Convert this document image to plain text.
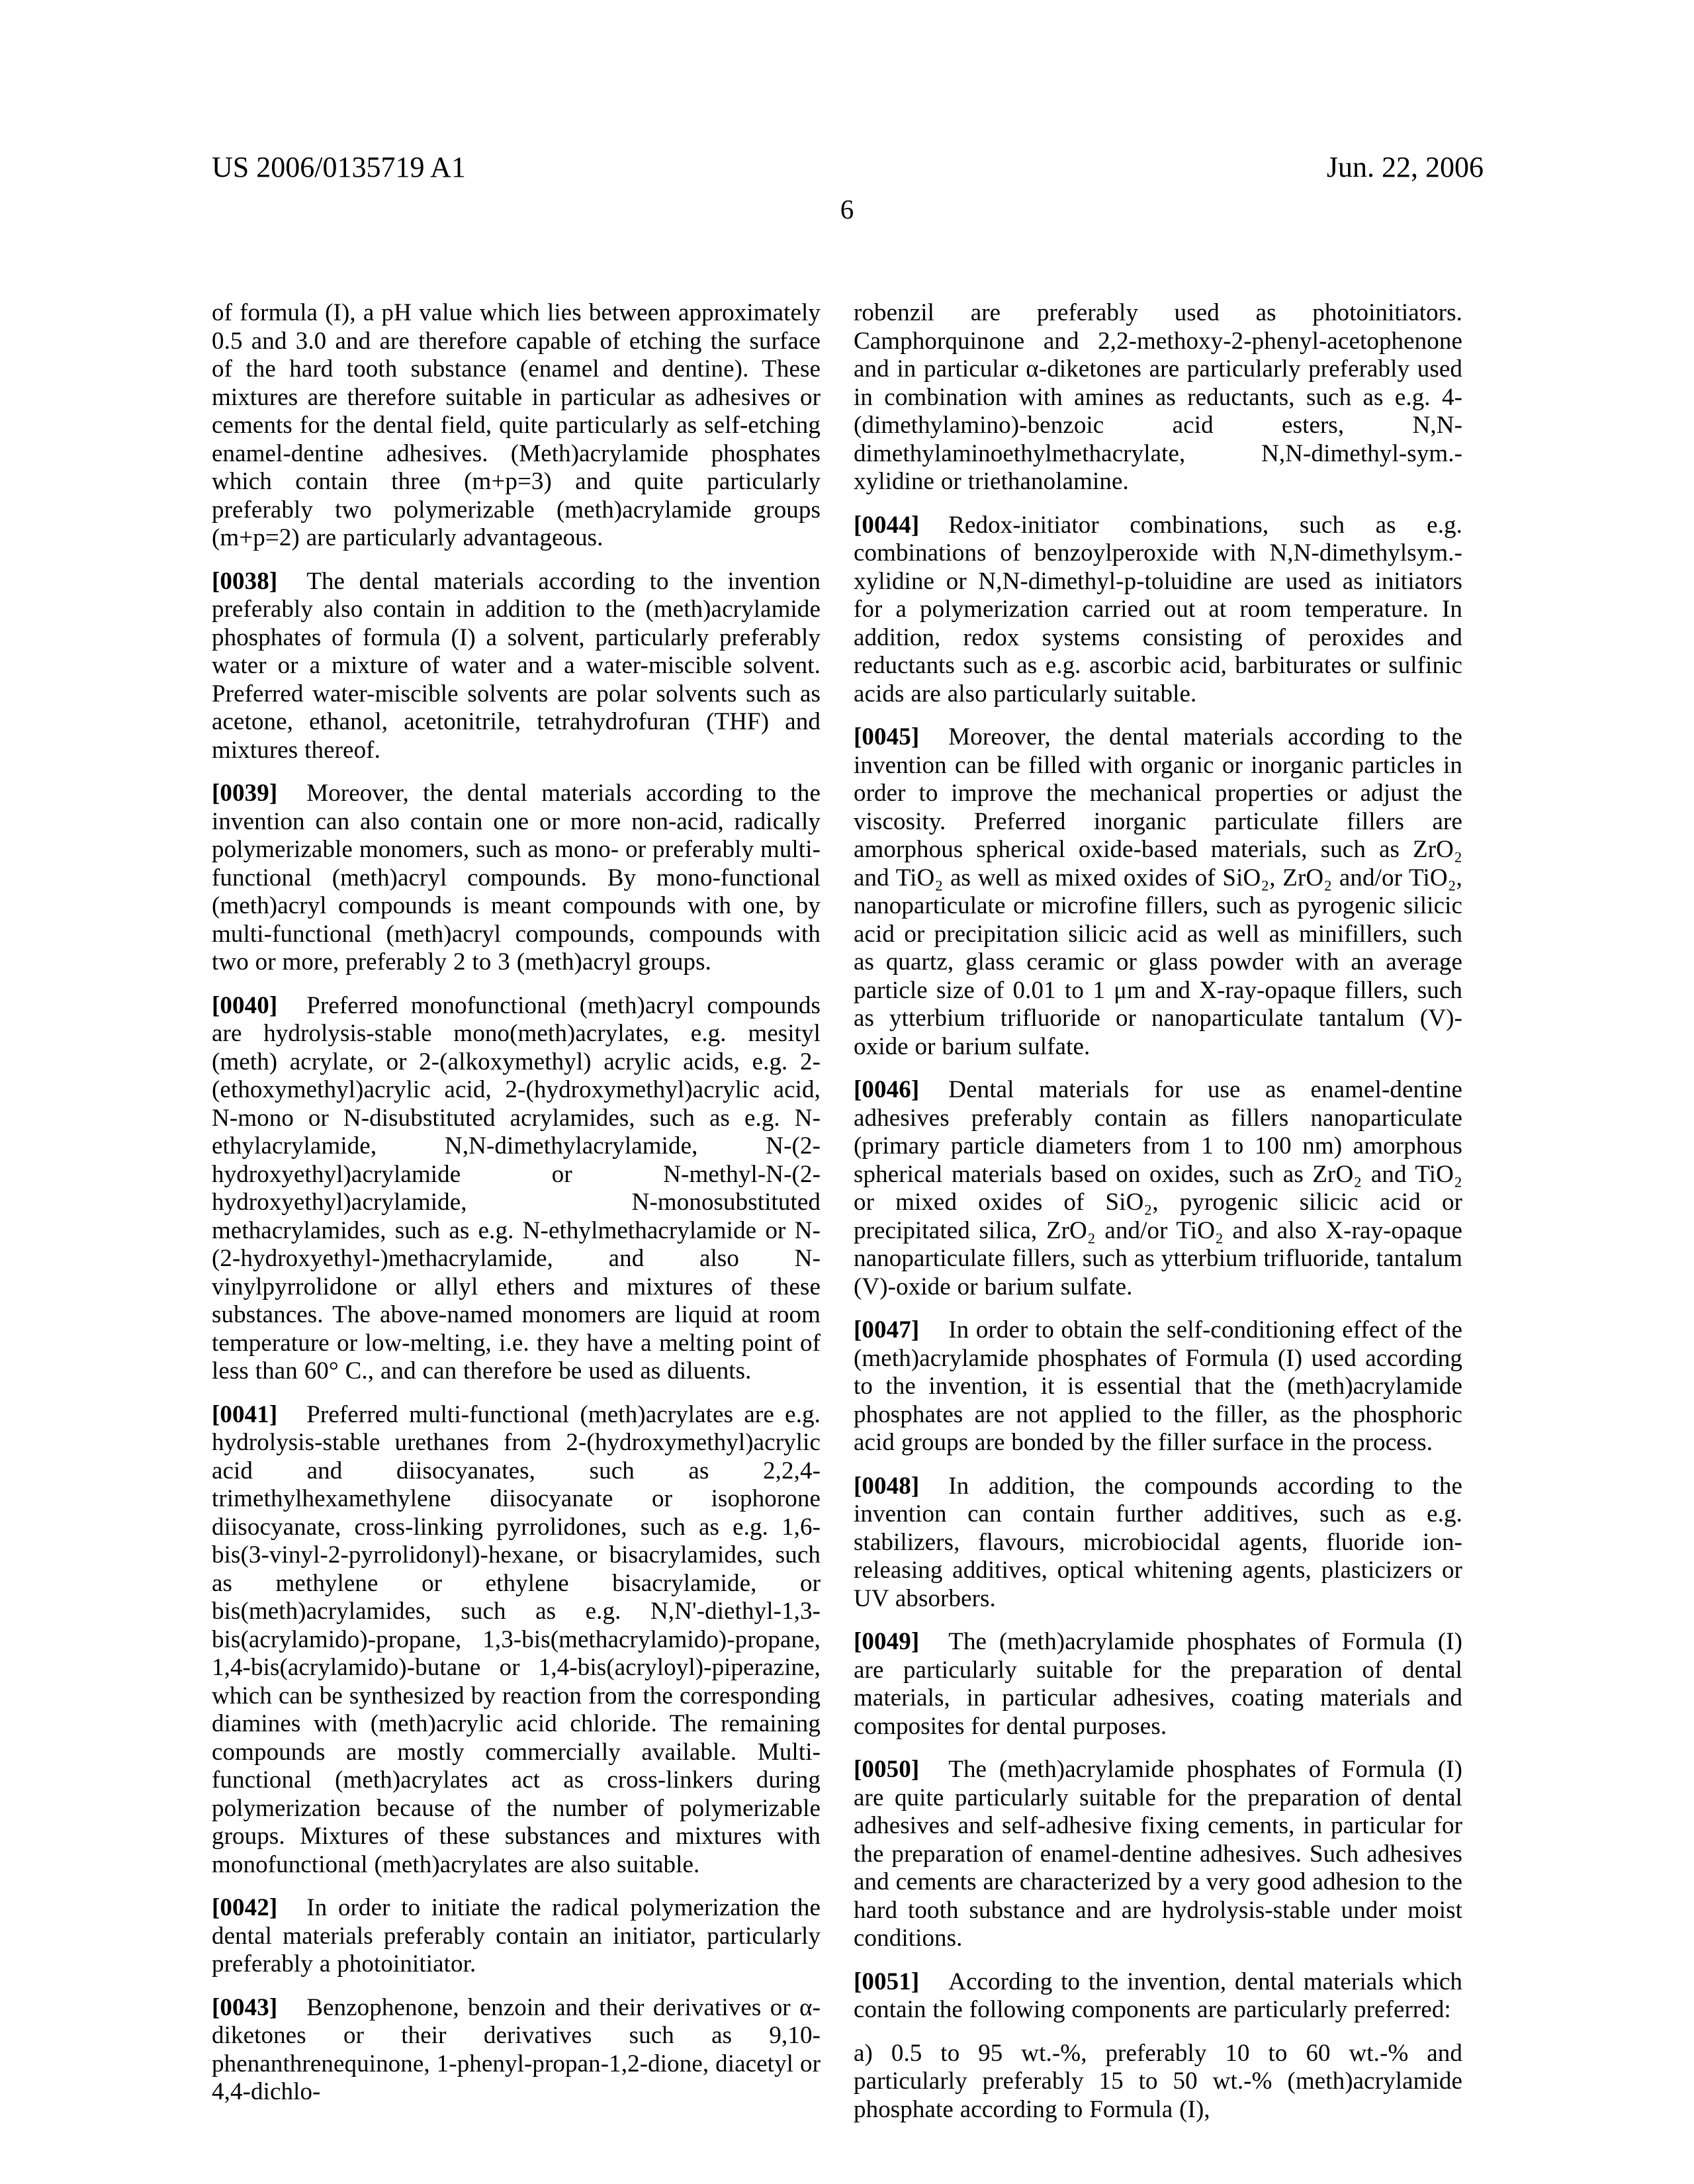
US 2006/0135719 A1	Jun. 22, 2006
6

of formula (I), a pH value which lies between approximately 0.5 and 3.0 and are therefore capable of etching the surface of the hard tooth substance (enamel and dentine). These mixtures are therefore suitable in particular as adhesives or cements for the dental field, quite particularly as self-etching enamel-dentine adhesives. (Meth)acrylamide phosphates which contain three (m+p=3) and quite particularly preferably two polymerizable (meth)acrylamide groups (m+p=2) are particularly advantageous.

[0038] The dental materials according to the invention preferably also contain in addition to the (meth)acrylamide phosphates of formula (I) a solvent, particularly preferably water or a mixture of water and a water-miscible solvent. Preferred water-miscible solvents are polar solvents such as acetone, ethanol, acetonitrile, tetrahydrofuran (THF) and mixtures thereof.

[0039] Moreover, the dental materials according to the invention can also contain one or more non-acid, radically polymerizable monomers, such as mono- or preferably multi-functional (meth)acryl compounds. By mono-functional (meth)acryl compounds is meant compounds with one, by multi-functional (meth)acryl compounds, compounds with two or more, preferably 2 to 3 (meth)acryl groups.

[0040] Preferred monofunctional (meth)acryl compounds are hydrolysis-stable mono(meth)acrylates, e.g. mesityl (meth) acrylate, or 2-(alkoxymethyl) acrylic acids, e.g. 2-(ethoxymethyl)acrylic acid, 2-(hydroxymethyl)acrylic acid, N-mono or N-disubstituted acrylamides, such as e.g. N-ethylacrylamide, N,N-dimethylacrylamide, N-(2-hydroxyethyl)acrylamide or N-methyl-N-(2-hydroxyethyl)acrylamide, N-monosubstituted methacrylamides, such as e.g. N-ethylmethacrylamide or N-(2-hydroxyethyl-)methacrylamide, and also N-vinylpyrrolidone or allyl ethers and mixtures of these substances. The above-named monomers are liquid at room temperature or low-melting, i.e. they have a melting point of less than 60° C., and can therefore be used as diluents.

[0041] Preferred multi-functional (meth)acrylates are e.g. hydrolysis-stable urethanes from 2-(hydroxymethyl)acrylic acid and diisocyanates, such as 2,2,4-trimethylhexamethylene diisocyanate or isophorone diisocyanate, cross-linking pyrrolidones, such as e.g. 1,6-bis(3-vinyl-2-pyrrolidonyl)-hexane, or bisacrylamides, such as methylene or ethylene bisacrylamide, or bis(meth)acrylamides, such as e.g. N,N'-diethyl-1,3-bis(acrylamido)-propane, 1,3-bis(methacrylamido)-propane, 1,4-bis(acrylamido)-butane or 1,4-bis(acryloyl)-piperazine, which can be synthesized by reaction from the corresponding diamines with (meth)acrylic acid chloride. The remaining compounds are mostly commercially available. Multi-functional (meth)acrylates act as cross-linkers during polymerization because of the number of polymerizable groups. Mixtures of these substances and mixtures with monofunctional (meth)acrylates are also suitable.

[0042] In order to initiate the radical polymerization the dental materials preferably contain an initiator, particularly preferably a photoinitiator.

[0043] Benzophenone, benzoin and their derivatives or α-diketones or their derivatives such as 9,10-phenanthrenequinone, 1-phenyl-propan-1,2-dione, diacetyl or 4,4-dichlo-

robenzil are preferably used as photoinitiators. Camphorquinone and 2,2-methoxy-2-phenyl-acetophenone and in particular α-diketones are particularly preferably used in combination with amines as reductants, such as e.g. 4-(dimethylamino)-benzoic acid esters, N,N-dimethylaminoethylmethacrylate, N,N-dimethyl-sym.-xylidine or triethanolamine.

[0044] Redox-initiator combinations, such as e.g. combinations of benzoylperoxide with N,N-dimethylsym.-xylidine or N,N-dimethyl-p-toluidine are used as initiators for a polymerization carried out at room temperature. In addition, redox systems consisting of peroxides and reductants such as e.g. ascorbic acid, barbiturates or sulfinic acids are also particularly suitable.

[0045] Moreover, the dental materials according to the invention can be filled with organic or inorganic particles in order to improve the mechanical properties or adjust the viscosity. Preferred inorganic particulate fillers are amorphous spherical oxide-based materials, such as ZrO₂ and TiO₂ as well as mixed oxides of SiO₂, ZrO₂ and/or TiO₂, nanoparticulate or microfine fillers, such as pyrogenic silicic acid or precipitation silicic acid as well as minifillers, such as quartz, glass ceramic or glass powder with an average particle size of 0.01 to 1 μm and X-ray-opaque fillers, such as ytterbium trifluoride or nanoparticulate tantalum (V)-oxide or barium sulfate.

[0046] Dental materials for use as enamel-dentine adhesives preferably contain as fillers nanoparticulate (primary particle diameters from 1 to 100 nm) amorphous spherical materials based on oxides, such as ZrO₂ and TiO₂ or mixed oxides of SiO₂, pyrogenic silicic acid or precipitated silica, ZrO₂ and/or TiO₂ and also X-ray-opaque nanoparticulate fillers, such as ytterbium trifluoride, tantalum (V)-oxide or barium sulfate.

[0047] In order to obtain the self-conditioning effect of the (meth)acrylamide phosphates of Formula (I) used according to the invention, it is essential that the (meth)acrylamide phosphates are not applied to the filler, as the phosphoric acid groups are bonded by the filler surface in the process.

[0048] In addition, the compounds according to the invention can contain further additives, such as e.g. stabilizers, flavours, microbiocidal agents, fluoride ion-releasing additives, optical whitening agents, plasticizers or UV absorbers.

[0049] The (meth)acrylamide phosphates of Formula (I) are particularly suitable for the preparation of dental materials, in particular adhesives, coating materials and composites for dental purposes.

[0050] The (meth)acrylamide phosphates of Formula (I) are quite particularly suitable for the preparation of dental adhesives and self-adhesive fixing cements, in particular for the preparation of enamel-dentine adhesives. Such adhesives and cements are characterized by a very good adhesion to the hard tooth substance and are hydrolysis-stable under moist conditions.

[0051] According to the invention, dental materials which contain the following components are particularly preferred:

a) 0.5 to 95 wt.-%, preferably 10 to 60 wt.-% and particularly preferably 15 to 50 wt.-% (meth)acrylamide phosphate according to Formula (I),
